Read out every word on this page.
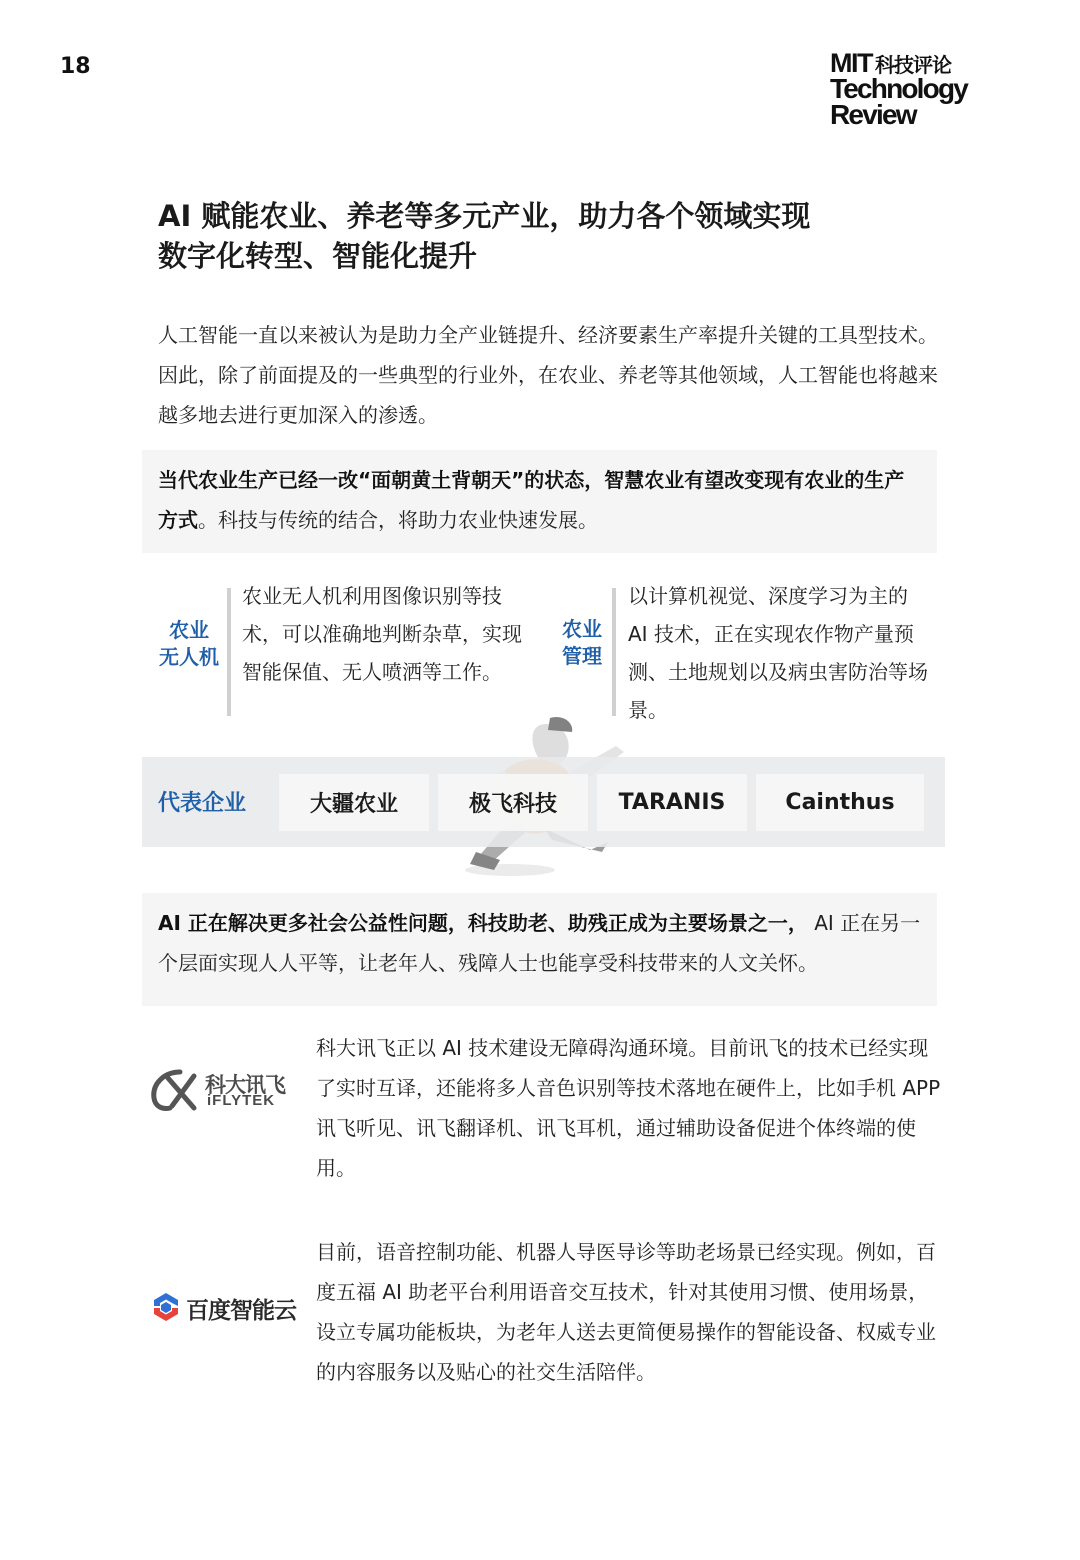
18	MIT 科技评论
Technology
Review
AI 赋能农业、养老等多元产业，助力各个领域实现
数字化转型、智能化提升

人工智能一直以来被认为是助力全产业链提升、经济要素生产率提升关键的工具型技术。因此，除了前面提及的一些典型的行业外，在农业、养老等其他领域，人工智能也将越来越多地去进行更加深入的渗透。

当代农业生产已经一改“面朝黄土背朝天”的状态，智慧农业有望改变现有农业的生产方式。科技与传统的结合，将助力农业快速发展。
农业
无人机
农业无人机利用图像识别等技术，可以准确地判断杂草，实现智能保值、无人喷洒等工作。
农业
管理
以计算机视觉、深度学习为主的 AI 技术，正在实现农作物产量预测、土地规划以及病虫害防治等场景。
代表企业	大疆农业	极飞科技	TARANIS	Cainthus
AI 正在解决更多社会公益性问题，科技助老、助残正成为主要场景之一， AI 正在另一个层面实现人人平等，让老年人、残障人士也能享受科技带来的人文关怀。
科大讯飞
iFLYTEK

科大讯飞正以 AI 技术建设无障碍沟通环境。目前讯飞的技术已经实现了实时互译，还能将多人音色识别等技术落地在硬件上，比如手机 APP 讯飞听见、讯飞翻译机、讯飞耳机，通过辅助设备促进个体终端的使用。

百度智能云

目前，语音控制功能、机器人导医导诊等助老场景已经实现。例如，百度五福 AI 助老平台利用语音交互技术，针对其使用习惯、使用场景，设立专属功能板块，为老年人送去更简便易操作的智能设备、权威专业的内容服务以及贴心的社交生活陪伴。
